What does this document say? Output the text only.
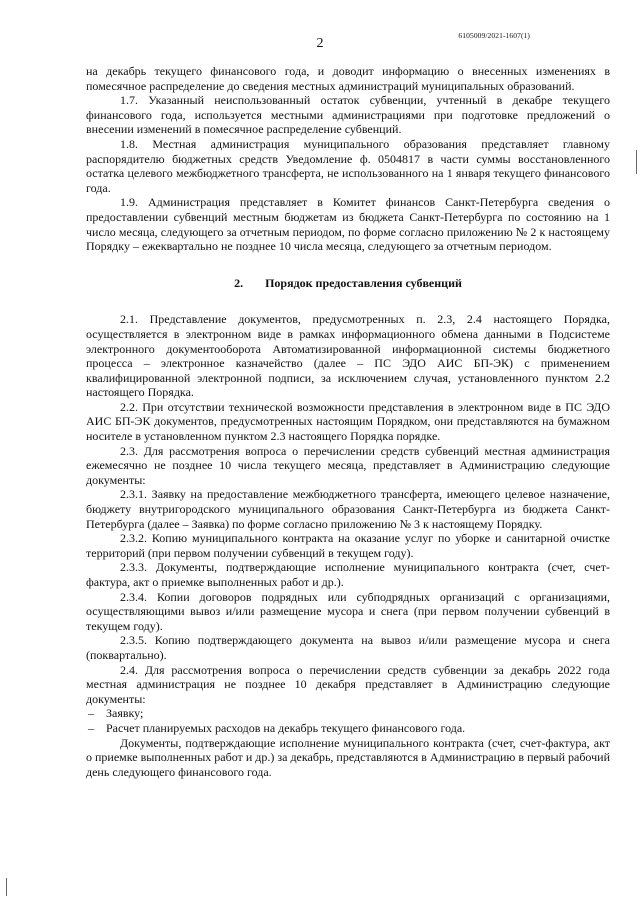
6105009/2021-1607(1)
2

на декабрь текущего финансового года, и доводит информацию о внесенных изменениях в помесячное распределение до сведения местных администраций муниципальных образований.

1.7. Указанный неиспользованный остаток субвенции, учтенный в декабре текущего финансового года, используется местными администрациями при подготовке предложений о внесении изменений в помесячное распределение субвенций.

1.8. Местная администрация муниципального образования представляет главному распорядителю бюджетных средств Уведомление ф. 0504817 в части суммы восстановленного остатка целевого межбюджетного трансферта, не использованного на 1 января текущего финансового года.

1.9. Администрация представляет в Комитет финансов Санкт-Петербурга сведения о предоставлении субвенций местным бюджетам из бюджета Санкт-Петербурга по состоянию на 1 число месяца, следующего за отчетным периодом, по форме согласно приложению № 2 к настоящему Порядку – ежеквартально не позднее 10 числа месяца, следующего за отчетным периодом.

2. Порядок предоставления субвенций

2.1. Представление документов, предусмотренных п. 2.3, 2.4 настоящего Порядка, осуществляется в электронном виде в рамках информационного обмена данными в Подсистеме электронного документооборота Автоматизированной информационной системы бюджетного процесса – электронное казначейство (далее – ПС ЭДО АИС БП-ЭК) с применением квалифицированной электронной подписи, за исключением случая, установленного пунктом 2.2 настоящего Порядка.

2.2. При отсутствии технической возможности представления в электронном виде в ПС ЭДО АИС БП-ЭК документов, предусмотренных настоящим Порядком, они представляются на бумажном носителе в установленном пунктом 2.3 настоящего Порядка порядке.

2.3. Для рассмотрения вопроса о перечислении средств субвенций местная администрация ежемесячно не позднее 10 числа текущего месяца, представляет в Администрацию следующие документы:

2.3.1. Заявку на предоставление межбюджетного трансферта, имеющего целевое назначение, бюджету внутригородского муниципального образования Санкт-Петербурга из бюджета Санкт-Петербурга (далее – Заявка) по форме согласно приложению № 3 к настоящему Порядку.

2.3.2. Копию муниципального контракта на оказание услуг по уборке и санитарной очистке территорий (при первом получении субвенций в текущем году).

2.3.3. Документы, подтверждающие исполнение муниципального контракта (счет, счет-фактура, акт о приемке выполненных работ и др.).

2.3.4. Копии договоров подрядных или субподрядных организаций с организациями, осуществляющими вывоз и/или размещение мусора и снега (при первом получении субвенций в текущем году).

2.3.5. Копию подтверждающего документа на вывоз и/или размещение мусора и снега (поквартально).

2.4. Для рассмотрения вопроса о перечислении средств субвенции за декабрь 2022 года местная администрация не позднее 10 декабря представляет в Администрацию следующие документы:

– Заявку;

– Расчет планируемых расходов на декабрь текущего финансового года.

Документы, подтверждающие исполнение муниципального контракта (счет, счет-фактура, акт о приемке выполненных работ и др.) за декабрь, представляются в Администрацию в первый рабочий день следующего финансового года.
